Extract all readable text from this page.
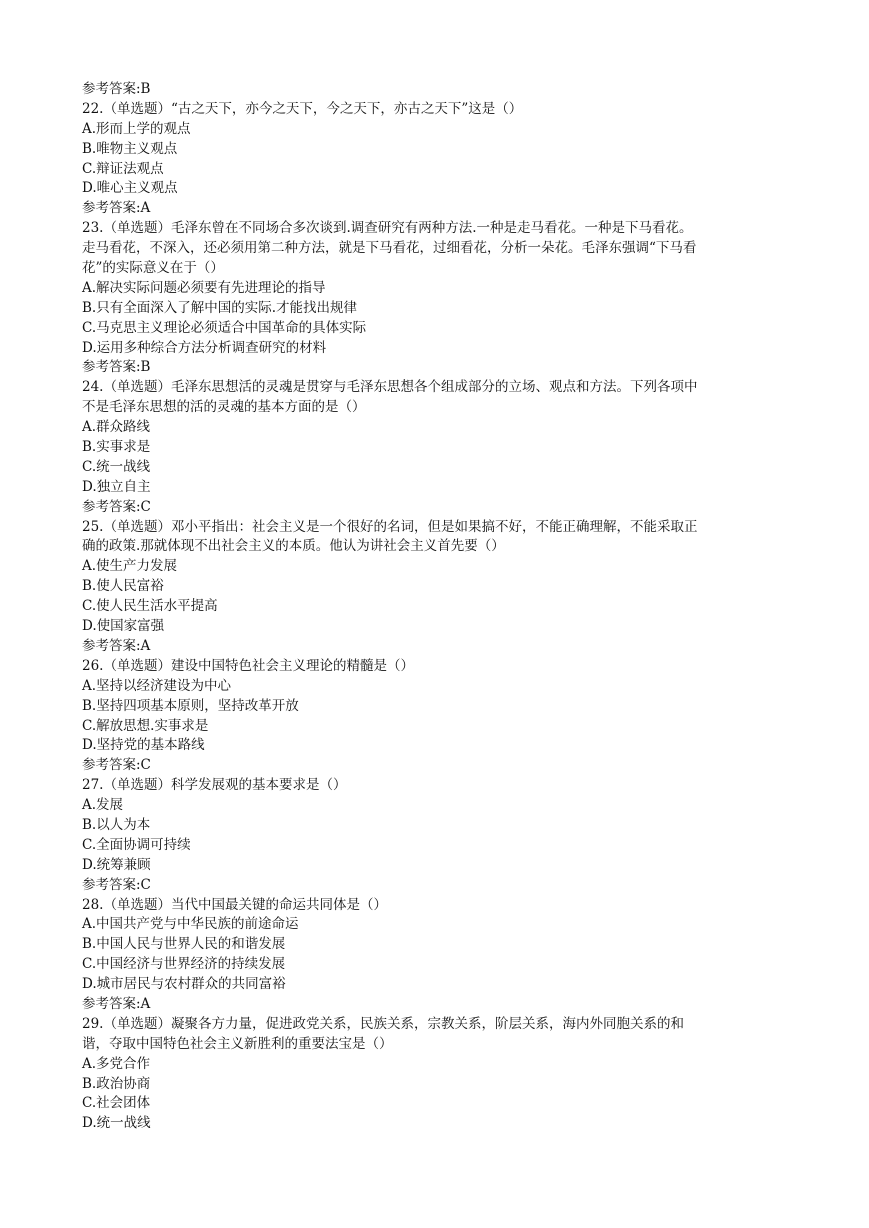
参考答案:B
22.（单选题）“古之天下，亦今之天下，今之天下，亦古之天下”这是（）
A.形而上学的观点
B.唯物主义观点
C.辩证法观点
D.唯心主义观点
参考答案:A
23.（单选题）毛泽东曾在不同场合多次谈到.调查研究有两种方法.一种是走马看花。一种是下马看花。
走马看花，不深入，还必须用第二种方法，就是下马看花，过细看花，分析一朵花。毛泽东强调“下马看
花”的实际意义在于（）
A.解决实际问题必须要有先进理论的指导
B.只有全面深入了解中国的实际.才能找出规律
C.马克思主义理论必须适合中国革命的具体实际
D.运用多种综合方法分析调查研究的材料
参考答案:B
24.（单选题）毛泽东思想活的灵魂是贯穿与毛泽东思想各个组成部分的立场、观点和方法。下列各项中
不是毛泽东思想的活的灵魂的基本方面的是（）
A.群众路线
B.实事求是
C.统一战线
D.独立自主
参考答案:C
25.（单选题）邓小平指出：社会主义是一个很好的名词，但是如果搞不好，不能正确理解，不能采取正
确的政策.那就体现不出社会主义的本质。他认为讲社会主义首先要（）
A.使生产力发展
B.使人民富裕
C.使人民生活水平提高
D.使国家富强
参考答案:A
26.（单选题）建设中国特色社会主义理论的精髓是（）
A.坚持以经济建设为中心
B.坚持四项基本原则，坚持改革开放
C.解放思想.实事求是
D.坚持党的基本路线
参考答案:C
27.（单选题）科学发展观的基本要求是（）
A.发展
B.以人为本
C.全面协调可持续
D.统筹兼顾
参考答案:C
28.（单选题）当代中国最关键的命运共同体是（）
A.中国共产党与中华民族的前途命运
B.中国人民与世界人民的和谐发展
C.中国经济与世界经济的持续发展
D.城市居民与农村群众的共同富裕
参考答案:A
29.（单选题）凝聚各方力量，促进政党关系，民族关系，宗教关系，阶层关系，海内外同胞关系的和
谐，夺取中国特色社会主义新胜利的重要法宝是（）
A.多党合作
B.政治协商
C.社会团体
D.统一战线
